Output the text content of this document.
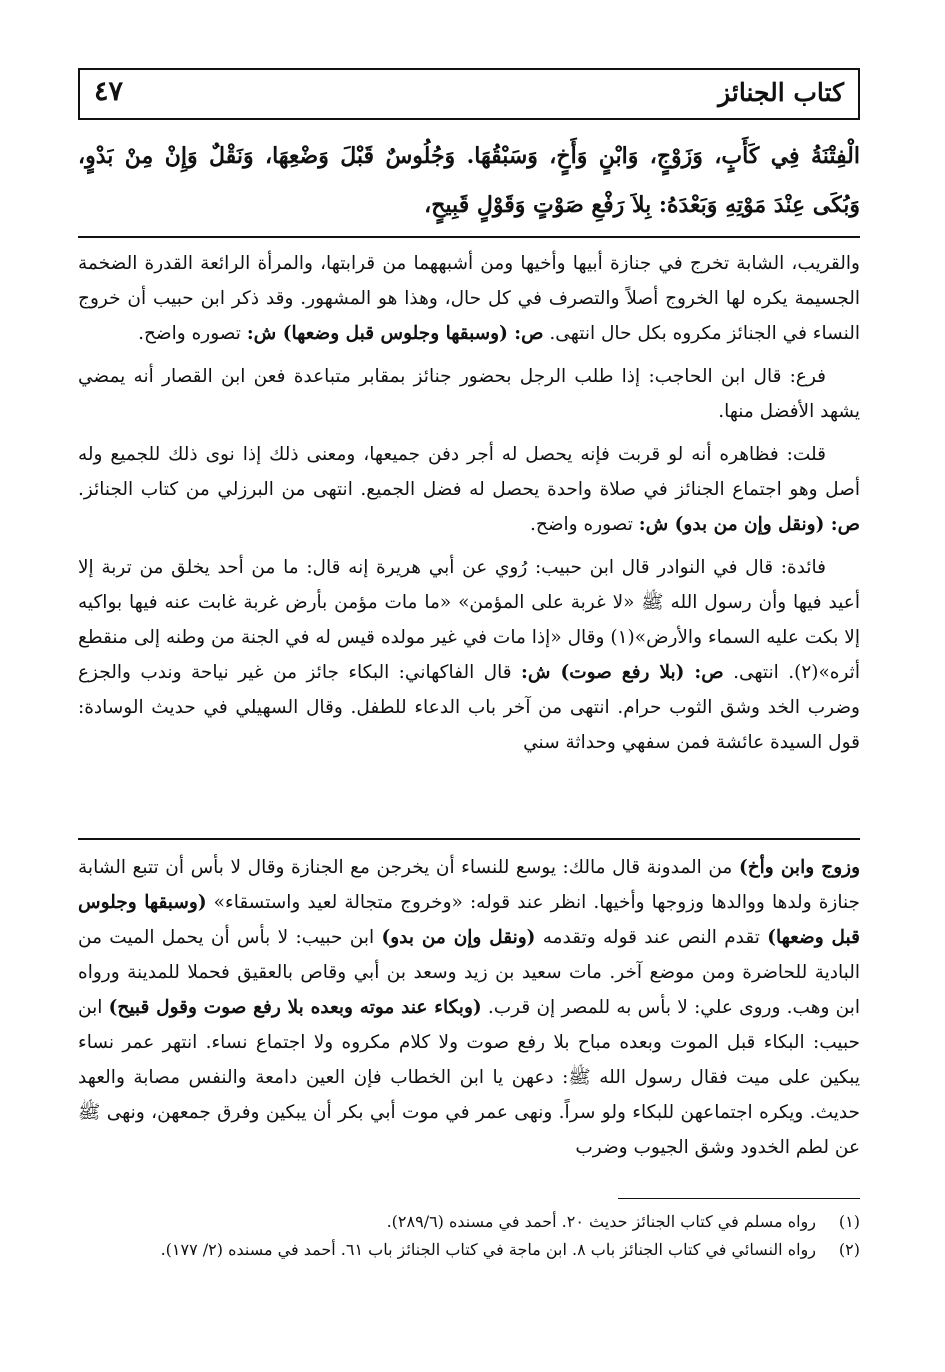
كتاب الجنائز
٤٧
الْفِتْنَةُ فِي كَأَبٍ، وَزَوْجٍ، وَابْنٍ وَأَخٍ، وَسَبْقُهَا. وَجُلُوسٌ قَبْلَ وَضْعِهَا، وَنَقْلٌ وَإِنْ مِنْ بَدْوٍ، وَبُكَى عِنْدَ مَوْتِهِ وَبَعْدَهُ: بِلاَ رَفْعِ صَوْتٍ وَقَوْلٍ قَبِيحٍ،

والقريب، الشابة تخرج في جنازة أبيها وأخيها ومن أشبههما من قرابتها، والمرأة الرائعة القدرة الضخمة الجسيمة يكره لها الخروج أصلاً والتصرف في كل حال، وهذا هو المشهور. وقد ذكر ابن حبيب أن خروج النساء في الجنائز مكروه بكل حال انتهى. ص: (وسبقها وجلوس قبل وضعها) ش: تصوره واضح.

فرع: قال ابن الحاجب: إذا طلب الرجل بحضور جنائز بمقابر متباعدة فعن ابن القصار أنه يمضي يشهد الأفضل منها.

قلت: فظاهره أنه لو قربت فإنه يحصل له أجر دفن جميعها، ومعنى ذلك إذا نوى ذلك للجميع وله أصل وهو اجتماع الجنائز في صلاة واحدة يحصل له فضل الجميع. انتهى من البرزلي من كتاب الجنائز. ص: (ونقل وإن من بدو) ش: تصوره واضح.

فائدة: قال في النوادر قال ابن حبيب: رُوي عن أبي هريرة إنه قال: ما من أحد يخلق من تربة إلا أعيد فيها وأن رسول الله ﷺ «لا غربة على المؤمن» «ما مات مؤمن بأرض غربة غابت عنه فيها بواكيه إلا بكت عليه السماء والأرض»(١) وقال «إذا مات في غير مولده قيس له في الجنة من وطنه إلى منقطع أثره»(٢). انتهى. ص: (بلا رفع صوت) ش: قال الفاكهاني: البكاء جائز من غير نياحة وندب والجزع وضرب الخد وشق الثوب حرام. انتهى من آخر باب الدعاء للطفل. وقال السهيلي في حديث الوسادة: قول السيدة عائشة فمن سفهي وحداثة سني

وزوج وابن وأخ) من المدونة قال مالك: يوسع للنساء أن يخرجن مع الجنازة وقال لا بأس أن تتبع الشابة جنازة ولدها ووالدها وزوجها وأخيها. انظر عند قوله: «وخروج متجالة لعيد واستسقاء» (وسبقها وجلوس قبل وضعها) تقدم النص عند قوله وتقدمه (ونقل وإن من بدو) ابن حبيب: لا بأس أن يحمل الميت من البادية للحاضرة ومن موضع آخر. مات سعيد بن زيد وسعد بن أبي وقاص بالعقيق فحملا للمدينة ورواه ابن وهب. وروى علي: لا بأس به للمصر إن قرب. (وبكاء عند موته وبعده بلا رفع صوت وقول قبيح) ابن حبيب: البكاء قبل الموت وبعده مباح بلا رفع صوت ولا كلام مكروه ولا اجتماع نساء. انتهر عمر نساء يبكين على ميت فقال رسول الله ﷺ: دعهن يا ابن الخطاب فإن العين دامعة والنفس مصابة والعهد حديث. ويكره اجتماعهن للبكاء ولو سراً. ونهى عمر في موت أبي بكر أن يبكين وفرق جمعهن، ونهى ﷺ عن لطم الخدود وشق الجيوب وضرب

(١)
رواه مسلم في كتاب الجنائز حديث ٢٠. أحمد في مسنده (٢٨٩/٦).
(٢)
رواه النسائي في كتاب الجنائز باب ٨. ابن ماجة في كتاب الجنائز باب ٦١. أحمد في مسنده (٢/ ١٧٧).
